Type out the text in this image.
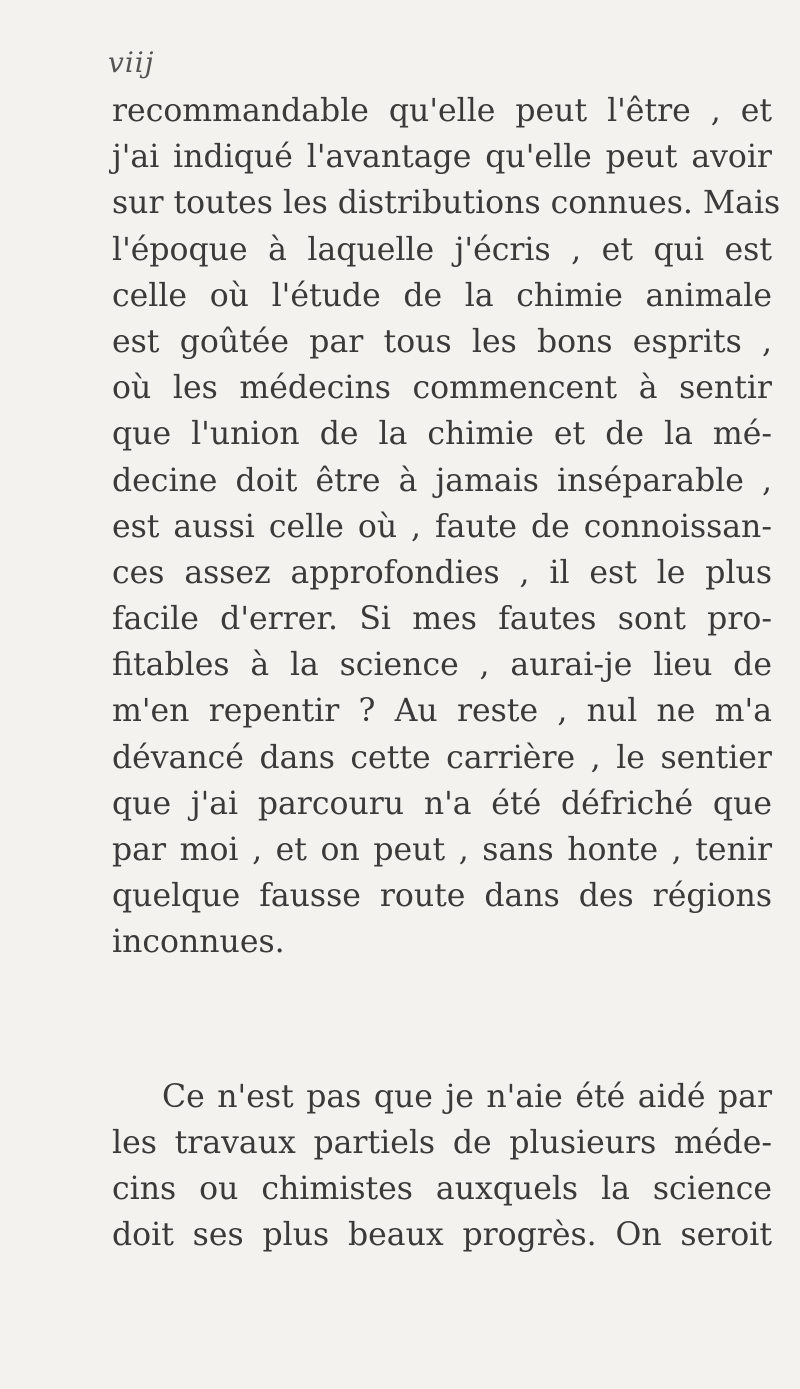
viij
recommandable qu'elle peut l'être , et
j'ai indiqué l'avantage qu'elle peut avoir
sur toutes les distributions connues. Mais
l'époque à laquelle j'écris , et qui est
celle où l'étude de la chimie animale
est goûtée par tous les bons esprits ,
où les médecins commencent à sentir
que l'union de la chimie et de la mé-
decine doit être à jamais inséparable ,
est aussi celle où , faute de connoissan-
ces assez approfondies , il est le plus
facile d'errer. Si mes fautes sont pro-
fitables à la science , aurai-je lieu de
m'en repentir ? Au reste , nul ne m'a
dévancé dans cette carrière , le sentier
que j'ai parcouru n'a été défriché que
par moi , et on peut , sans honte , tenir
quelque fausse route dans des régions
inconnues.
Ce n'est pas que je n'aie été aidé par
les travaux partiels de plusieurs méde-
cins ou chimistes auxquels la science
doit ses plus beaux progrès. On seroit
